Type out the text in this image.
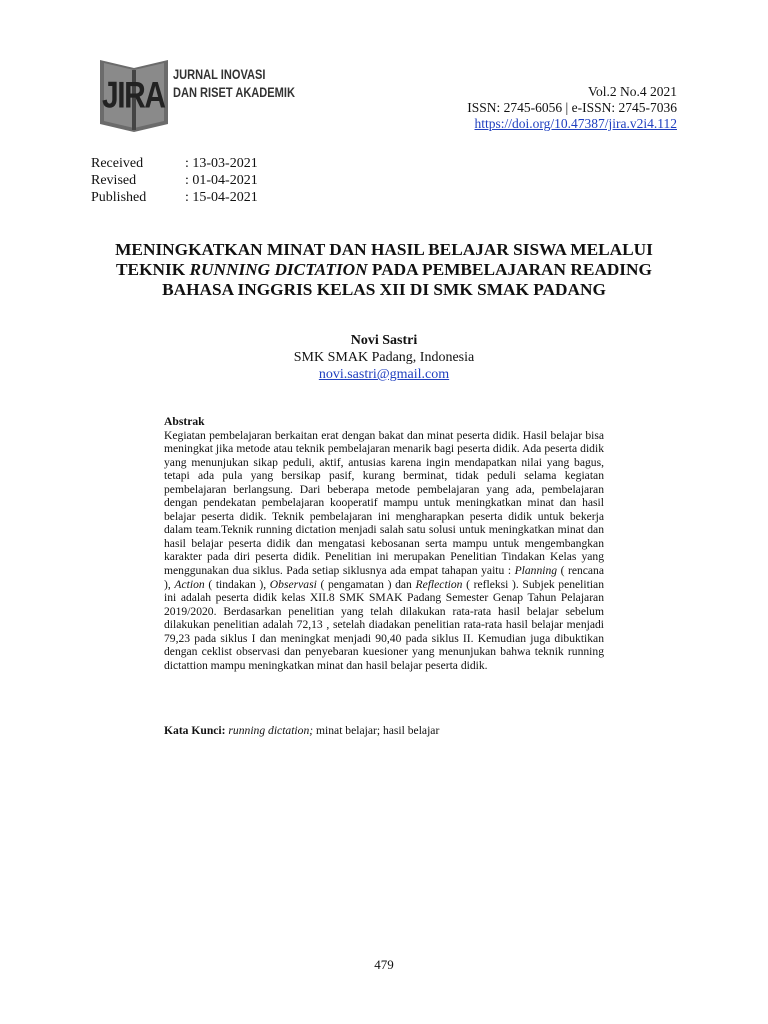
JIRA
JURNAL INOVASI
DAN RISET AKADEMIK	Vol.2 No.4 2021
ISSN: 2745-6056 | e-ISSN: 2745-7036
https://doi.org/10.47387/jira.v2i4.112
Received	: 13-03-2021
Revised	: 01-04-2021
Published	: 15-04-2021
MENINGKATKAN MINAT DAN HASIL BELAJAR SISWA MELALUI TEKNIK RUNNING DICTATION PADA PEMBELAJARAN READING BAHASA INGGRIS KELAS XII DI SMK SMAK PADANG
Novi Sastri
SMK SMAK Padang, Indonesia
novi.sastri@gmail.com
Abstrak
Kegiatan pembelajaran berkaitan erat dengan bakat dan minat peserta didik. Hasil belajar bisa meningkat jika metode atau teknik pembelajaran menarik bagi peserta didik. Ada peserta didik yang menunjukan sikap peduli, aktif, antusias karena ingin mendapatkan nilai yang bagus, tetapi ada pula yang bersikap pasif, kurang berminat, tidak peduli selama kegiatan pembelajaran berlangsung. Dari beberapa metode pembelajaran yang ada, pembelajaran dengan pendekatan pembelajaran kooperatif mampu untuk meningkatkan minat dan hasil belajar peserta didik. Teknik pembelajaran ini mengharapkan peserta didik untuk bekerja dalam team.Teknik running dictation menjadi salah satu solusi untuk meningkatkan minat dan hasil belajar peserta didik dan mengatasi kebosanan serta mampu untuk mengembangkan karakter pada diri peserta didik. Penelitian ini merupakan Penelitian Tindakan Kelas yang menggunakan dua siklus. Pada setiap siklusnya ada empat tahapan yaitu : Planning ( rencana ), Action ( tindakan ), Observasi ( pengamatan ) dan Reflection ( refleksi ). Subjek penelitian ini adalah peserta didik kelas XII.8 SMK SMAK Padang Semester Genap Tahun Pelajaran 2019/2020. Berdasarkan penelitian yang telah dilakukan rata-rata hasil belajar sebelum dilakukan penelitian adalah 72,13 , setelah diadakan penelitian rata-rata hasil belajar menjadi 79,23 pada siklus I dan meningkat menjadi 90,40 pada siklus II. Kemudian juga dibuktikan dengan ceklist observasi dan penyebaran kuesioner yang menunjukan bahwa teknik running dictattion mampu meningkatkan minat dan hasil belajar peserta didik.
Kata Kunci: running dictation; minat belajar; hasil belajar
479
